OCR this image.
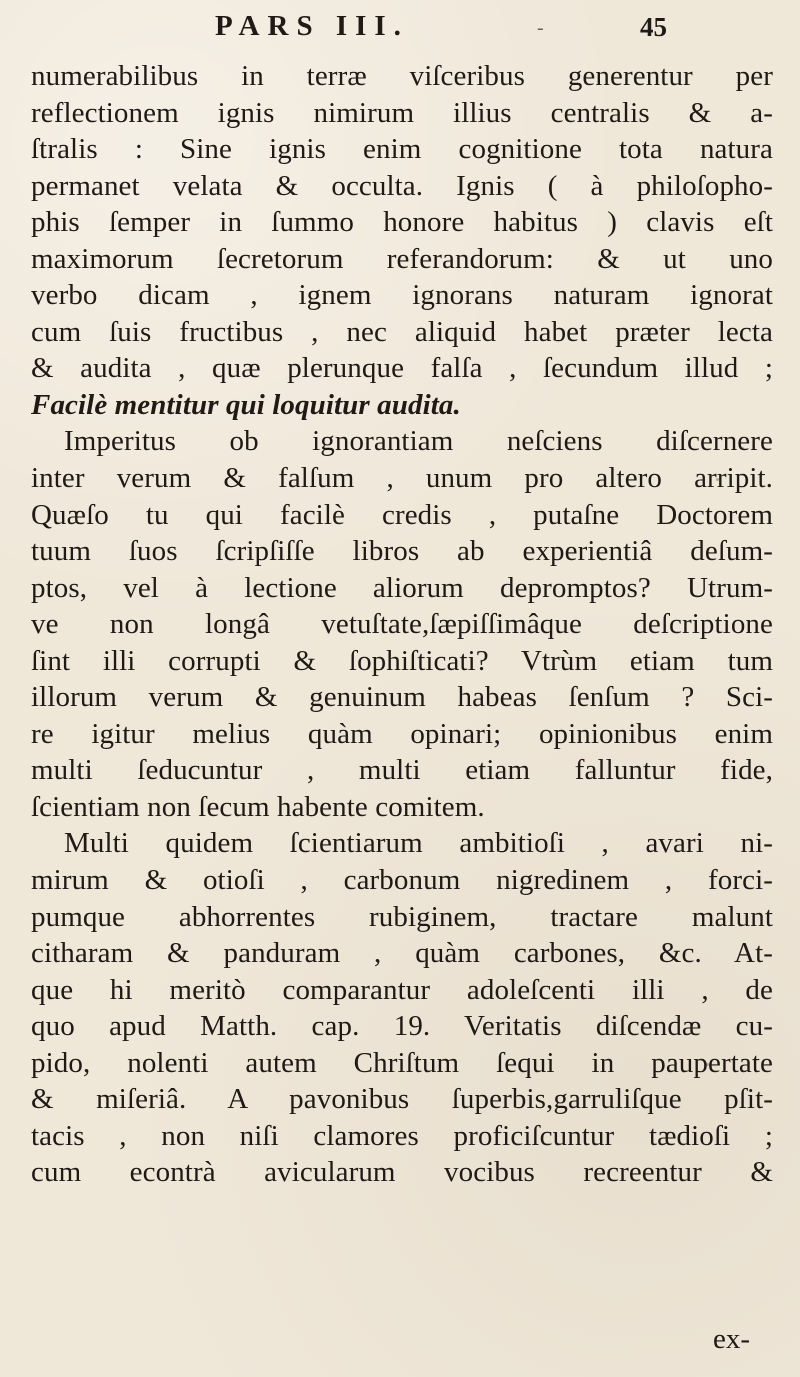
PARS III.	-	45
numerabilibus in terræ viſceribus generentur per
reflectionem ignis nimirum illius centralis & a-
ſtralis : Sine ignis enim cognitione tota natura
permanet velata & occulta. Ignis ( à philoſopho-
phis ſemper in ſummo honore habitus ) clavis eſt
maximorum ſecretorum referandorum: & ut uno
verbo dicam , ignem ignorans naturam ignorat
cum ſuis fructibus , nec aliquid habet præter lecta
& audita , quæ plerunque falſa , ſecundum illud ;
Facilè mentitur qui loquitur audita.
Imperitus ob ignorantiam neſciens diſcernere
inter verum & falſum , unum pro altero arripit.
Quæſo tu qui facilè credis , putaſne Doctorem
tuum ſuos ſcripſiſſe libros ab experientiâ deſum-
ptos, vel à lectione aliorum depromptos? Utrum-
ve non longâ vetuſtate,ſæpiſſimâque deſcriptione
ſint illi corrupti & ſophiſticati? Vtrùm etiam tum
illorum verum & genuinum habeas ſenſum ? Sci-
re igitur melius quàm opinari; opinionibus enim
multi ſeducuntur , multi etiam falluntur fide,
ſcientiam non ſecum habente comitem.
Multi quidem ſcientiarum ambitioſi , avari ni-
mirum & otioſi , carbonum nigredinem , forci-
pumque abhorrentes rubiginem, tractare malunt
citharam & panduram , quàm carbones, &c. At-
que hi meritò comparantur adoleſcenti illi , de
quo apud Matth. cap. 19. Veritatis diſcendæ cu-
pido, nolenti autem Chriſtum ſequi in paupertate
& miſeriâ. A pavonibus ſuperbis,garruliſque pſit-
tacis , non niſi clamores proficiſcuntur tædioſi ;
cum econtrà avicularum vocibus recreentur &
ex-
